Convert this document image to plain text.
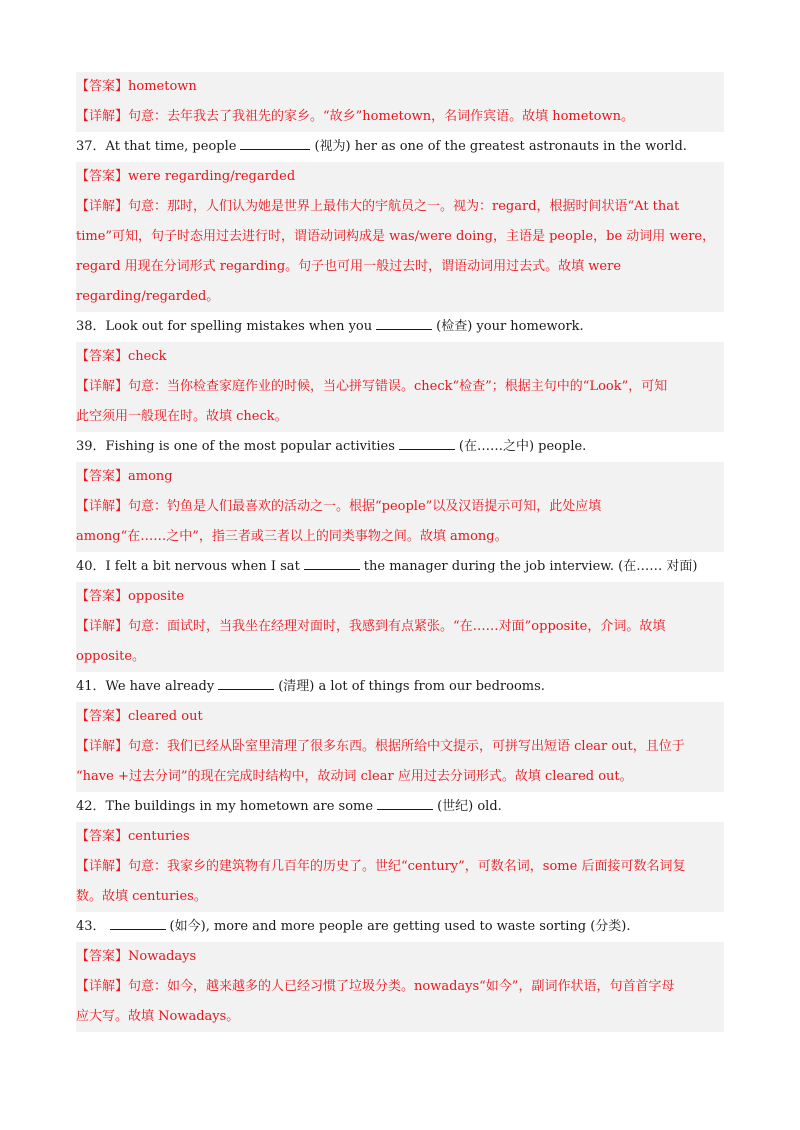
【答案】hometown
【详解】句意：去年我去了我祖先的家乡。“故乡”hometown，名词作宾语。故填 hometown。
37．At that time, people	(视为) her as one of the greatest astronauts in the world.
【答案】were regarding/regarded
【详解】句意：那时，人们认为她是世界上最伟大的宇航员之一。视为：regard，根据时间状语“At that
time”可知，句子时态用过去进行时，谓语动词构成是 was/were doing，主语是 people，be 动词用 were，
regard 用现在分词形式 regarding。句子也可用一般过去时，谓语动词用过去式。故填 were
regarding/regarded。
38．Look out for spelling mistakes when you	(检查) your homework.
【答案】check
【详解】句意：当你检查家庭作业的时候，当心拼写错误。check“检查”；根据主句中的“Look”，可知
此空须用一般现在时。故填 check。
39．Fishing is one of the most popular activities	(在……之中) people.
【答案】among
【详解】句意：钓鱼是人们最喜欢的活动之一。根据“people”以及汉语提示可知，此处应填
among“在……之中”，指三者或三者以上的同类事物之间。故填 among。
40．I felt a bit nervous when I sat	the manager during the job interview. (在…… 对面)
【答案】opposite
【详解】句意：面试时，当我坐在经理对面时，我感到有点紧张。“在……对面”opposite，介词。故填
opposite。
41．We have already	(清理) a lot of things from our bedrooms.
【答案】cleared out
【详解】句意：我们已经从卧室里清理了很多东西。根据所给中文提示，可拼写出短语 clear out，且位于
“have +过去分词”的现在完成时结构中，故动词 clear 应用过去分词形式。故填 cleared out。
42．The buildings in my hometown are some	(世纪) old.
【答案】centuries
【详解】句意：我家乡的建筑物有几百年的历史了。世纪“century”，可数名词，some 后面接可数名词复
数。故填 centuries。
43．	(如今), more and more people are getting used to waste sorting (分类).
【答案】Nowadays
【详解】句意：如今，越来越多的人已经习惯了垃圾分类。nowadays“如今”，副词作状语，句首首字母
应大写。故填 Nowadays。
